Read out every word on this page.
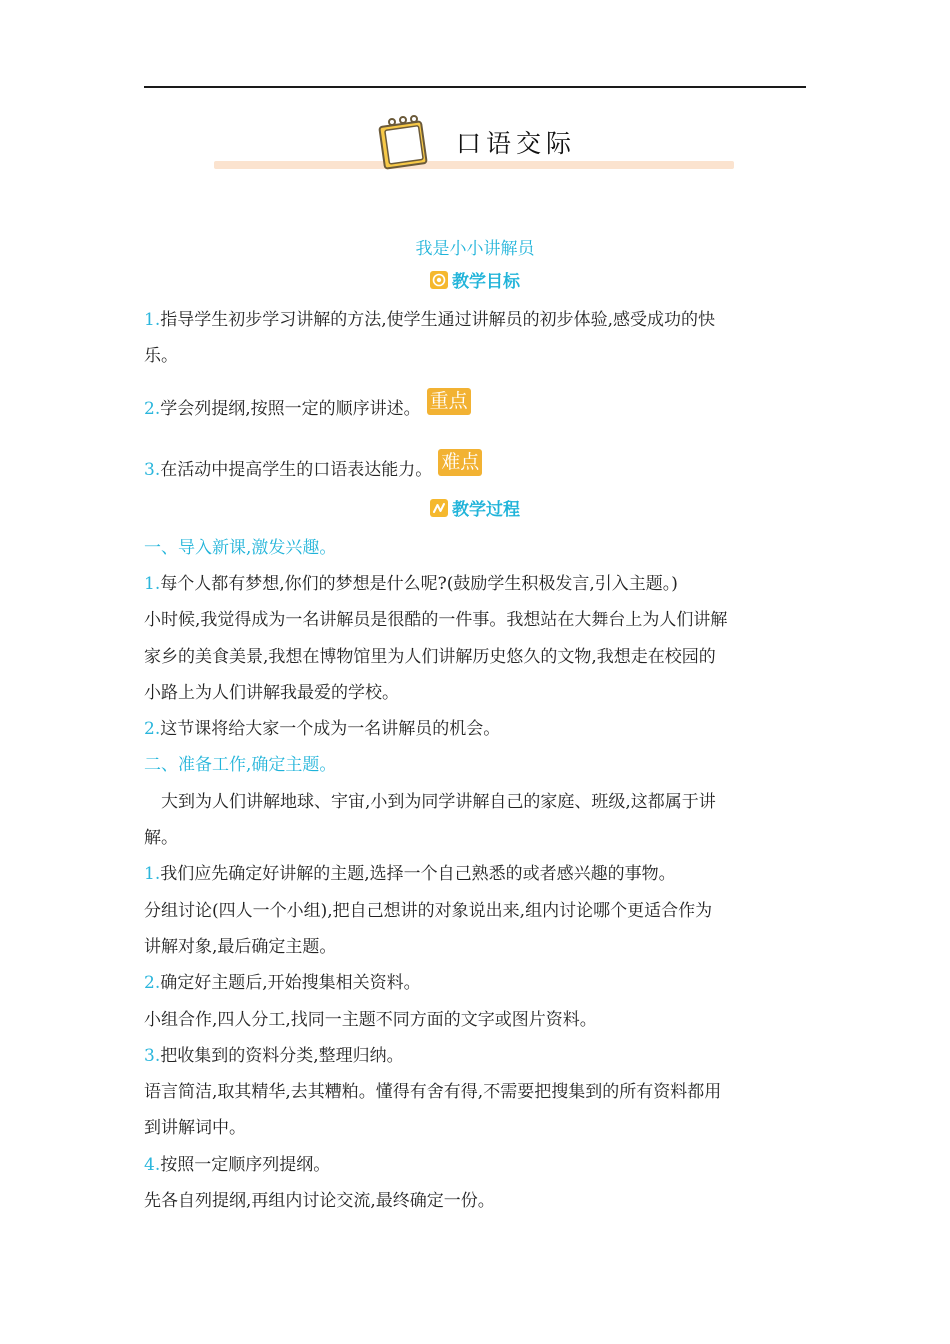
口语交际
我是小小讲解员
教学目标
1.指导学生初步学习讲解的方法,使学生通过讲解员的初步体验,感受成功的快
乐。
2.学会列提纲,按照一定的顺序讲述。 重点
3.在活动中提高学生的口语表达能力。 难点
教学过程
一、导入新课,激发兴趣。
1.每个人都有梦想,你们的梦想是什么呢?(鼓励学生积极发言,引入主题。)
小时候,我觉得成为一名讲解员是很酷的一件事。我想站在大舞台上为人们讲解
家乡的美食美景,我想在博物馆里为人们讲解历史悠久的文物,我想走在校园的
小路上为人们讲解我最爱的学校。
2.这节课将给大家一个成为一名讲解员的机会。
二、准备工作,确定主题。
大到为人们讲解地球、宇宙,小到为同学讲解自己的家庭、班级,这都属于讲
解。
1.我们应先确定好讲解的主题,选择一个自己熟悉的或者感兴趣的事物。
分组讨论(四人一个小组),把自己想讲的对象说出来,组内讨论哪个更适合作为
讲解对象,最后确定主题。
2.确定好主题后,开始搜集相关资料。
小组合作,四人分工,找同一主题不同方面的文字或图片资料。
3.把收集到的资料分类,整理归纳。
语言简洁,取其精华,去其糟粕。懂得有舍有得,不需要把搜集到的所有资料都用
到讲解词中。
4.按照一定顺序列提纲。
先各自列提纲,再组内讨论交流,最终确定一份。
